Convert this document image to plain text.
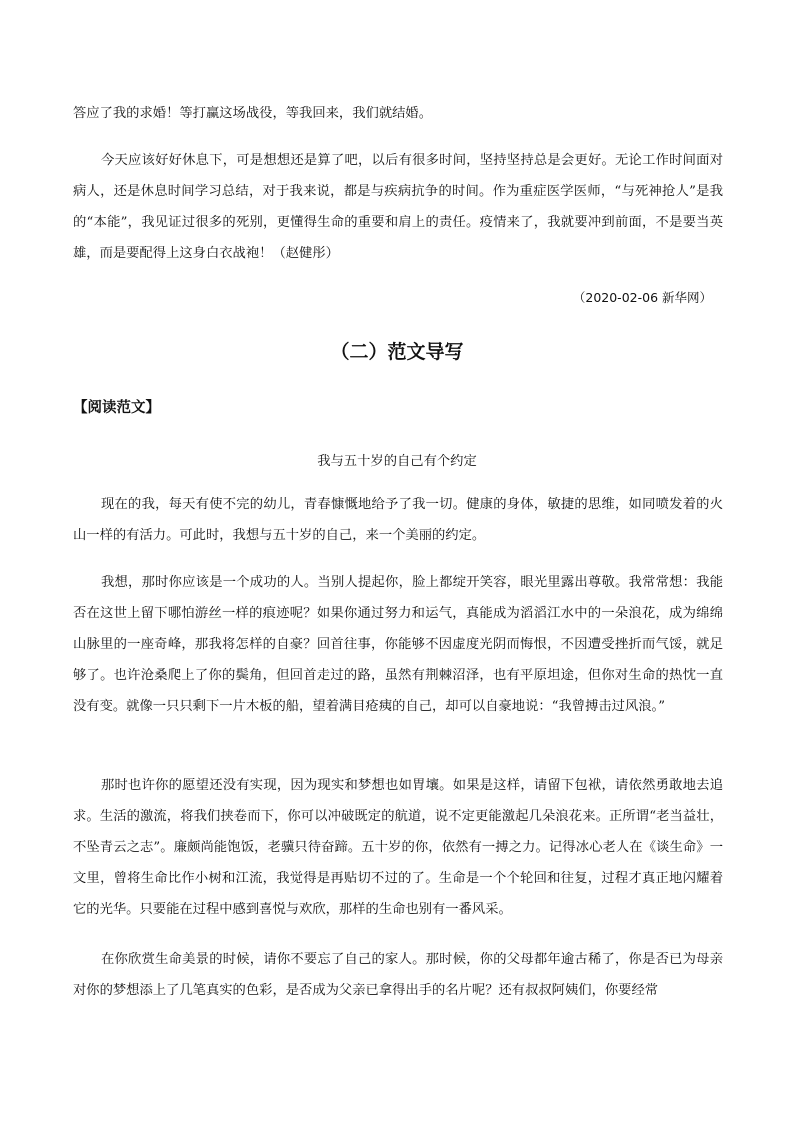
答应了我的求婚！等打赢这场战役，等我回来，我们就结婚。

今天应该好好休息下，可是想想还是算了吧，以后有很多时间，坚持坚持总是会更好。无论工作时间面对病人，还是休息时间学习总结，对于我来说，都是与疾病抗争的时间。作为重症医学医师，“与死神抢人”是我的“本能”，我见证过很多的死别，更懂得生命的重要和肩上的责任。疫情来了，我就要冲到前面，不是要当英雄，而是要配得上这身白衣战袍！（赵健彤）

（2020-02-06 新华网）
（二）范文导写
【阅读范文】
我与五十岁的自己有个约定

现在的我，每天有使不完的幼儿，青春慷慨地给予了我一切。健康的身体，敏捷的思维，如同喷发着的火山一样的有活力。可此时，我想与五十岁的自己，来一个美丽的约定。

我想，那时你应该是一个成功的人。当别人提起你，脸上都绽开笑容，眼光里露出尊敬。我常常想：我能否在这世上留下哪怕游丝一样的痕迹呢？如果你通过努力和运气，真能成为滔滔江水中的一朵浪花，成为绵绵山脉里的一座奇峰，那我将怎样的自豪？回首往事，你能够不因虚度光阴而悔恨，不因遭受挫折而气馁，就足够了。也许沧桑爬上了你的鬓角，但回首走过的路，虽然有荆棘沼泽，也有平原坦途，但你对生命的热忱一直没有变。就像一只只剩下一片木板的船，望着满目疮痍的自己，却可以自豪地说：“我曾搏击过风浪。”

那时也许你的愿望还没有实现，因为现实和梦想也如胃壤。如果是这样，请留下包袱，请依然勇敢地去追求。生活的激流，将我们挟卷而下，你可以冲破既定的航道，说不定更能激起几朵浪花来。正所谓“老当益壮，不坠青云之志”。廉颇尚能饱饭，老骥只待奋蹄。五十岁的你，依然有一搏之力。记得冰心老人在《谈生命》一文里，曾将生命比作小树和江流，我觉得是再贴切不过的了。生命是一个个轮回和往复，过程才真正地闪耀着它的光华。只要能在过程中感到喜悦与欢欣，那样的生命也别有一番风采。

在你欣赏生命美景的时候，请你不要忘了自己的家人。那时候，你的父母都年逾古稀了，你是否已为母亲对你的梦想添上了几笔真实的色彩，是否成为父亲已拿得出手的名片呢？还有叔叔阿姨们，你要经常
